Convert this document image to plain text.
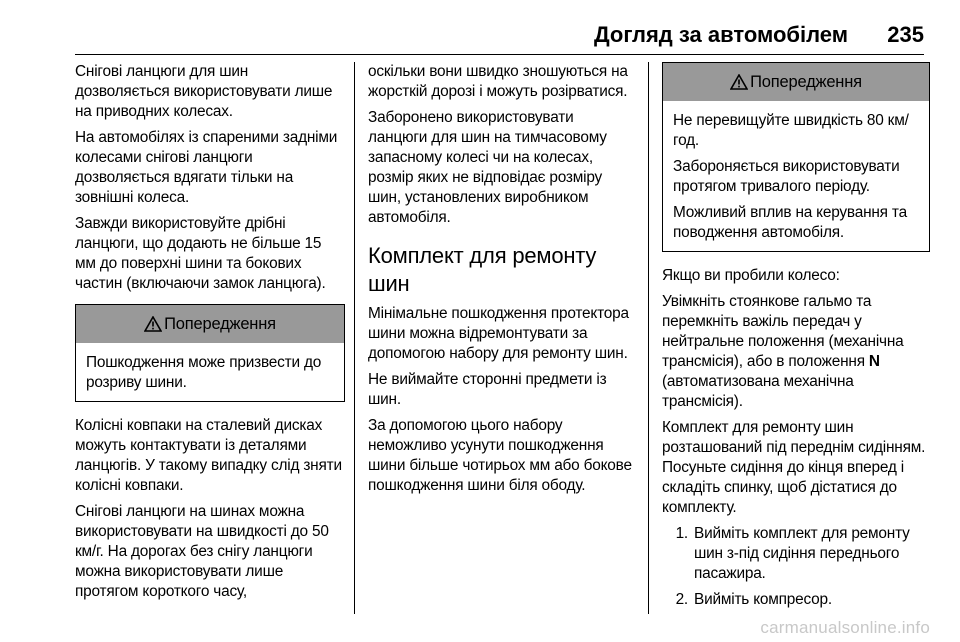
Догляд за автомобілем 235

Снігові ланцюги для шин дозволяється використовувати лише на приводних колесах.

На автомобілях із спареними задніми колесами снігові ланцюги дозволяється вдягати тільки на зовнішні колеса.

Завжди використовуйте дрібні ланцюги, що додають не більше 15 мм до поверхні шини та бокових частин (включаючи замок ланцюга).

Попередження

Пошкодження може призвести до розриву шини.

Колісні ковпаки на сталевий дисках можуть контактувати із деталями ланцюгів. У такому випадку слід зняти колісні ковпаки.

Снігові ланцюги на шинах можна використовувати на швидкості до 50 км/г. На дорогах без снігу ланцюги можна використовувати лише протягом короткого часу,

оскільки вони швидко зношуються на жорсткій дорозі і можуть розірватися.

Заборонено використовувати ланцюги для шин на тимчасовому запасному колесі чи на колесах, розмір яких не відповідає розміру шин, установлених виробником автомобіля.

Комплект для ремонту шин

Мінімальне пошкодження протектора шини можна відремонтувати за допомогою набору для ремонту шин.

Не виймайте сторонні предмети із шин.

За допомогою цього набору неможливо усунути пошкодження шини більше чотирьох мм або бокове пошкодження шини біля ободу.

Попередження

Не перевищуйте швидкість 80 км/год.

Забороняється використовувати протягом тривалого періоду.

Можливий вплив на керування та поводження автомобіля.

Якщо ви пробили колесо:

Увімкніть стоянкове гальмо та перемкніть важіль передач у нейтральне положення (механічна трансмісія), або в положення N (автоматизована механічна трансмісія).

Комплект для ремонту шин розташований під переднім сидінням. Посуньте сидіння до кінця вперед і складіть спинку, щоб дістатися до комплекту.

1. Вийміть комплект для ремонту шин з-під сидіння переднього пасажира.
2. Вийміть компресор.
carmanualsonline.info
